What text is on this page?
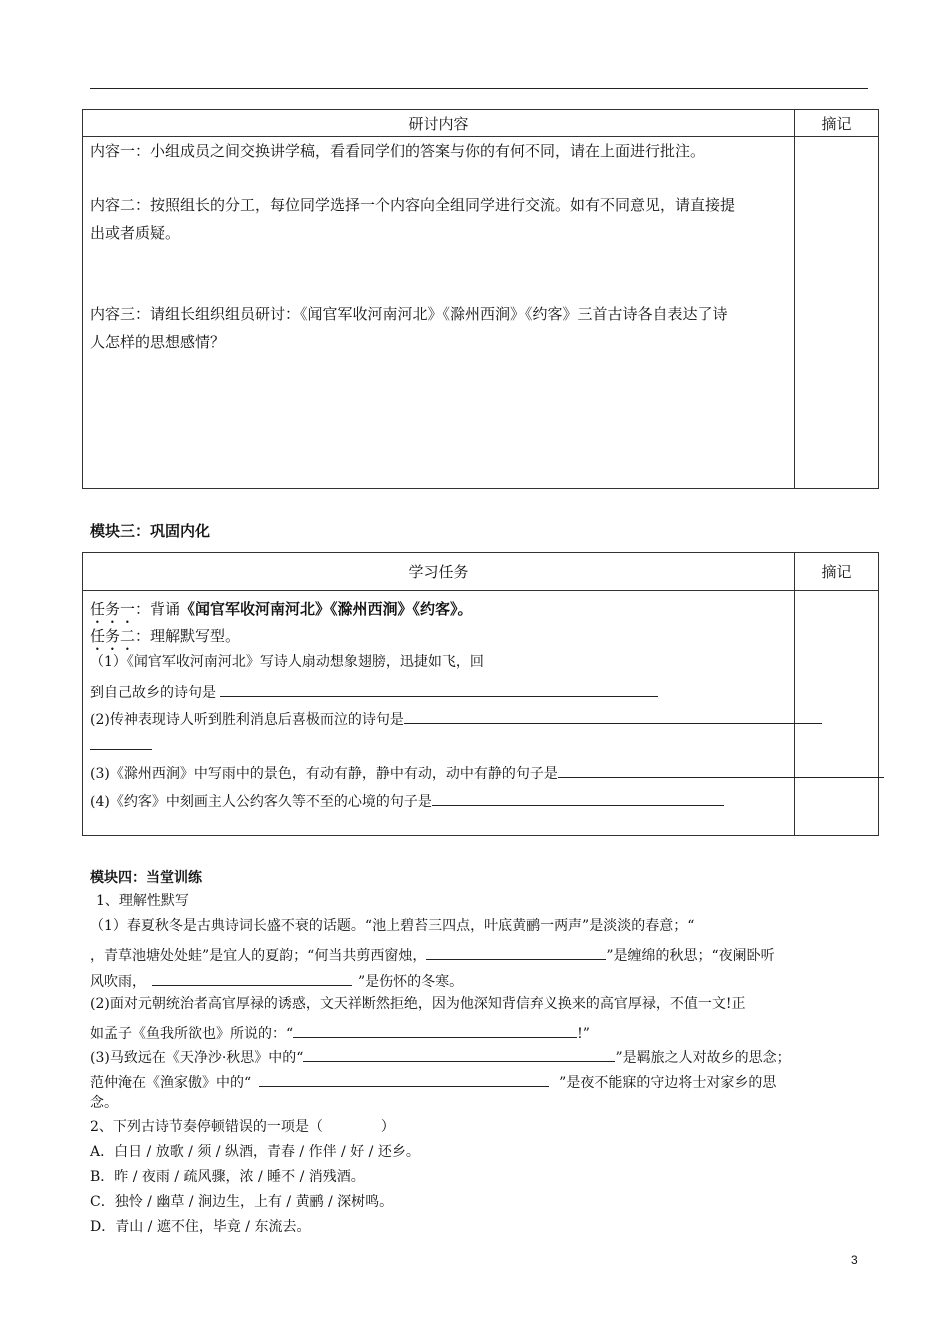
研讨内容	摘记

内容一：小组成员之间交换讲学稿，看看同学们的答案与你的有何不同，请在上面进行批注。
内容二：按照组长的分工，每位同学选择一个内容向全组同学进行交流。如有不同意见，请直接提
出或者质疑。
内容三：请组长组织组员研讨：《闻官军收河南河北》《滁州西涧》《约客》三首古诗各自表达了诗
人怎样的思想感情？
模块三：巩固内化
学习任务	摘记

任务一：背诵《闻官军收河南河北》《滁州西涧》《约客》。
任务二：理解默写型。
（1）《闻官军收河南河北》写诗人扇动想象翅膀，迅捷如飞，回
到自己故乡的诗句是
(2)传神表现诗人听到胜利消息后喜极而泣的诗句是
(3)《滁州西涧》中写雨中的景色，有动有静，静中有动，动中有静的句子是
(4)《约客》中刻画主人公约客久等不至的心境的句子是
模块四：当堂训练
1、理解性默写
（1）春夏秋冬是古典诗词长盛不衰的话题。“池上碧苔三四点，叶底黄鹂一两声”是淡淡的春意；“
，青草池塘处处蛙”是宜人的夏韵；“何当共剪西窗烛，	”是缠绵的秋思；“夜阑卧听
风吹雨，	”是伤怀的冬寒。
(2)面对元朝统治者高官厚禄的诱惑，文天祥断然拒绝，因为他深知背信弃义换来的高官厚禄，不值一文!正
如孟子《鱼我所欲也》所说的：“	!”
(3)马致远在《天净沙·秋思》中的“	”是羁旅之人对故乡的思念；
范仲淹在《渔家傲》中的“	”是夜不能寐的守边将士对家乡的思
念。
2、下列古诗节奏停顿错误的一项是（	）
A．白日 / 放歌 / 须 / 纵酒，青春 / 作伴 / 好 / 还乡。
B．昨 / 夜雨 / 疏风骤，浓 / 睡不 / 消残酒。
C．独怜 / 幽草 / 涧边生，上有 / 黄鹂 / 深树鸣。
D．青山 / 遮不住，毕竟 / 东流去。
3
